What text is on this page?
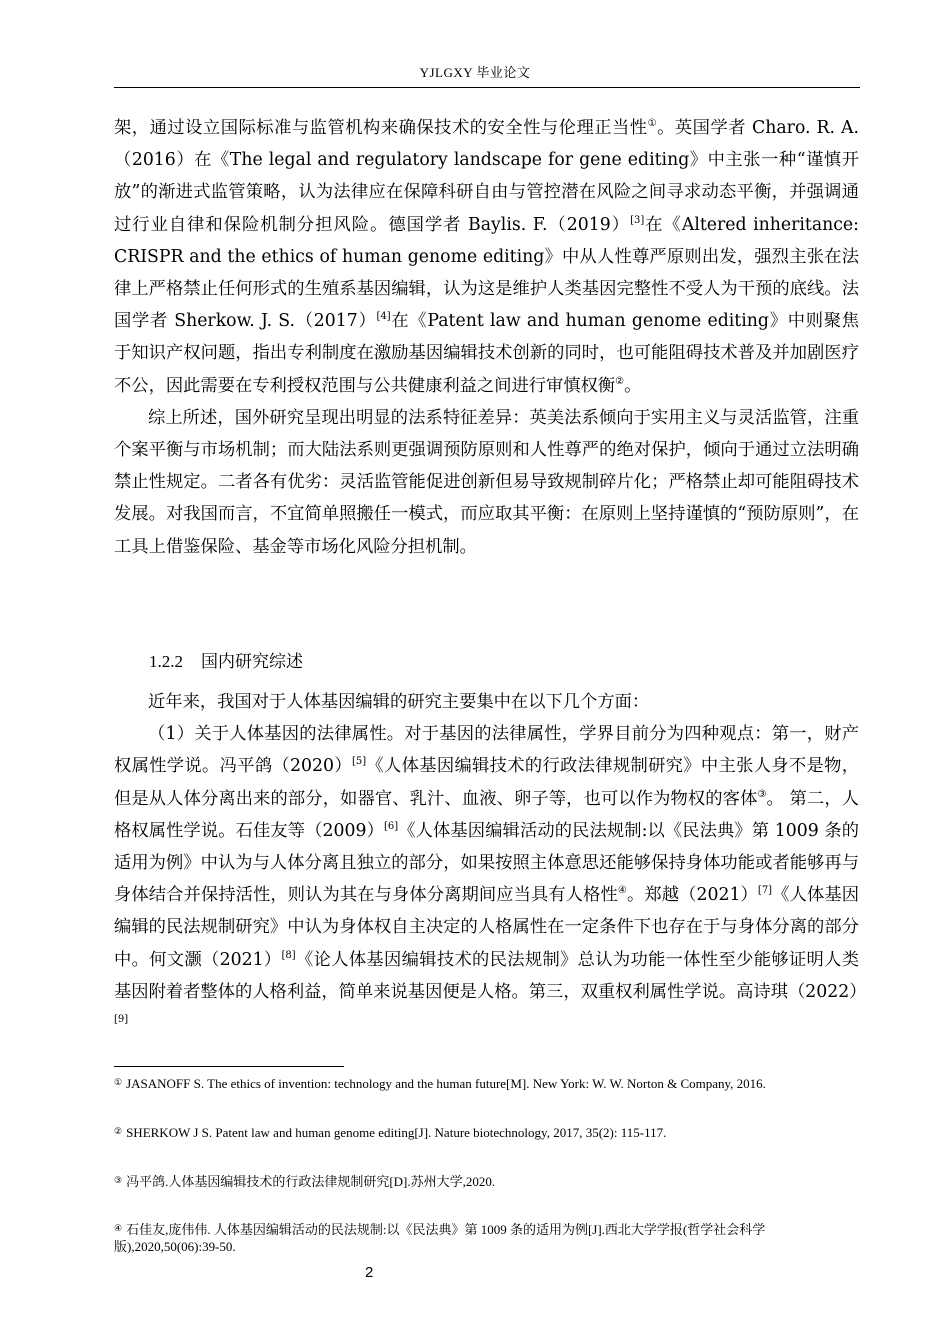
YJLGXY 毕业论文

架，通过设立国际标准与监管机构来确保技术的安全性与伦理正当性①。英国学者 Charo. R. A.（2016）在《The legal and regulatory landscape for gene editing》中主张一种“谨慎开放”的渐进式监管策略，认为法律应在保障科研自由与管控潜在风险之间寻求动态平衡，并强调通过行业自律和保险机制分担风险。德国学者 Baylis. F.（2019）[3]在《Altered inheritance: CRISPR and the ethics of human genome editing》中从人性尊严原则出发，强烈主张在法律上严格禁止任何形式的生殖系基因编辑，认为这是维护人类基因完整性不受人为干预的底线。法国学者 Sherkow. J. S.（2017）[4]在《Patent law and human genome editing》中则聚焦于知识产权问题，指出专利制度在激励基因编辑技术创新的同时，也可能阻碍技术普及并加剧医疗不公，因此需要在专利授权范围与公共健康利益之间进行审慎权衡②。

综上所述，国外研究呈现出明显的法系特征差异：英美法系倾向于实用主义与灵活监管，注重个案平衡与市场机制；而大陆法系则更强调预防原则和人性尊严的绝对保护，倾向于通过立法明确禁止性规定。二者各有优劣：灵活监管能促进创新但易导致规制碎片化；严格禁止却可能阻碍技术发展。对我国而言，不宜简单照搬任一模式，而应取其平衡：在原则上坚持谨慎的“预防原则”，在工具上借鉴保险、基金等市场化风险分担机制。

1.2.2 国内研究综述

近年来，我国对于人体基因编辑的研究主要集中在以下几个方面：

（1）关于人体基因的法律属性。对于基因的法律属性，学界目前分为四种观点：第一，财产权属性学说。冯平鸽（2020）[5]《人体基因编辑技术的行政法律规制研究》中主张人身不是物，但是从人体分离出来的部分，如器官、乳汁、血液、卵子等，也可以作为物权的客体③。 第二，人格权属性学说。石佳友等（2009）[6]《人体基因编辑活动的民法规制:以《民法典》第 1009 条的适用为例》中认为与人体分离且独立的部分，如果按照主体意思还能够保持身体功能或者能够再与身体结合并保持活性，则认为其在与身体分离期间应当具有人格性④。郑越（2021）[7]《人体基因编辑的民法规制研究》中认为身体权自主决定的人格属性在一定条件下也存在于与身体分离的部分中。何文灏（2021）[8]《论人体基因编辑技术的民法规制》总认为功能一体性至少能够证明人类基因附着者整体的人格利益，简单来说基因便是人格。第三，双重权利属性学说。高诗琪（2022）[9]

① JASANOFF S. The ethics of invention: technology and the human future[M]. New York: W. W. Norton & Company, 2016.
② SHERKOW J S. Patent law and human genome editing[J]. Nature biotechnology, 2017, 35(2): 115-117.
③ 冯平鸽.人体基因编辑技术的行政法律规制研究[D].苏州大学,2020.
④ 石佳友,庞伟伟. 人体基因编辑活动的民法规制:以《民法典》第 1009 条的适用为例[J].西北大学学报(哲学社会科学版),2020,50(06):39-50.
2
